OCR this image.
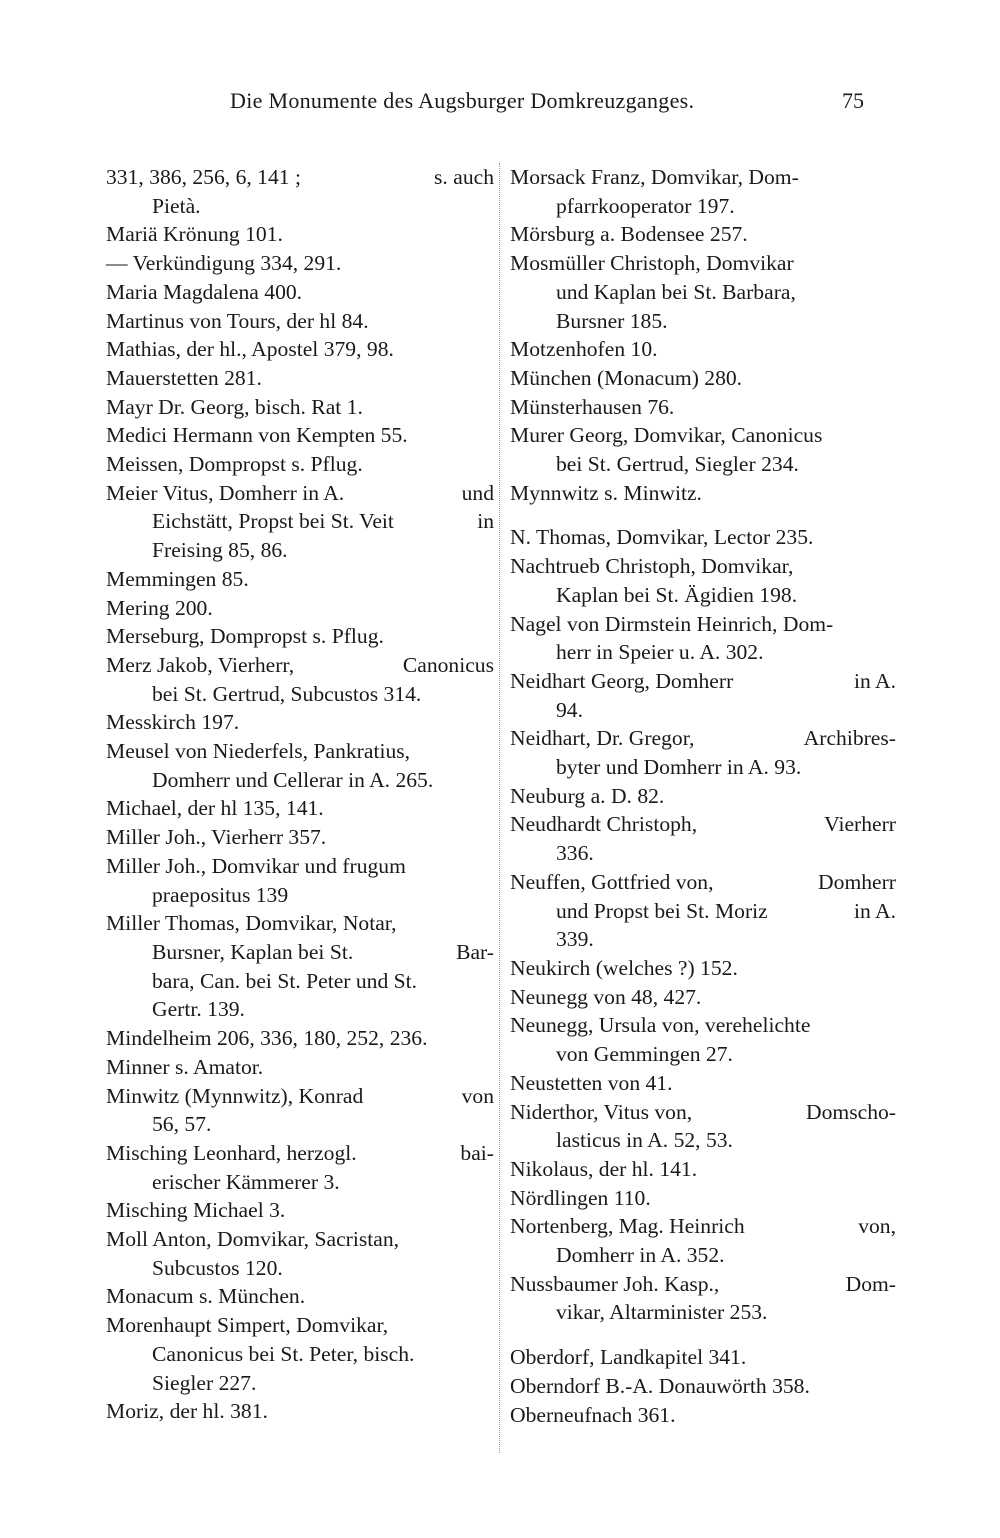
Die Monumente des Augsburger Domkreuzganges.	75
331, 386, 256, 6, 141 ;	s. auch
Pietà.
Mariä Krönung 101.
— Verkündigung 334, 291.
Maria Magdalena 400.
Martinus von Tours, der hl 84.
Mathias, der hl., Apostel 379, 98.
Mauerstetten 281.
Mayr Dr. Georg, bisch. Rat 1.
Medici Hermann von Kempten 55.
Meissen, Dompropst s. Pflug.
Meier Vitus, Domherr in A.	und
Eichstätt, Propst bei St. Veit	in
Freising 85, 86.
Memmingen 85.
Mering 200.
Merseburg, Dompropst s. Pflug.
Merz Jakob, Vierherr,	Canonicus
bei St. Gertrud, Subcustos 314.
Messkirch 197.
Meusel von Niederfels, Pankratius,
Domherr und Cellerar in A. 265.
Michael, der hl 135, 141.
Miller Joh., Vierherr 357.
Miller Joh., Domvikar und frugum
praepositus 139
Miller Thomas, Domvikar, Notar,
Bursner, Kaplan bei St.	Bar-
bara, Can. bei St. Peter und St.
Gertr. 139.
Mindelheim 206, 336, 180, 252, 236.
Minner s. Amator.
Minwitz (Mynnwitz), Konrad	von
56, 57.
Misching Leonhard, herzogl.	bai-
erischer Kämmerer 3.
Misching Michael 3.
Moll Anton, Domvikar, Sacristan,
Subcustos 120.
Monacum s. München.
Morenhaupt Simpert, Domvikar,
Canonicus bei St. Peter, bisch.
Siegler 227.
Moriz, der hl. 381.
Morsack Franz, Domvikar, Dom-
pfarrkooperator 197.
Mörsburg a. Bodensee 257.
Mosmüller Christoph, Domvikar
und Kaplan bei St. Barbara,
Bursner 185.
Motzenhofen 10.
München (Monacum) 280.
Münsterhausen 76.
Murer Georg, Domvikar, Canonicus
bei St. Gertrud, Siegler 234.
Mynnwitz s. Minwitz.
N. Thomas, Domvikar, Lector 235.
Nachtrueb Christoph, Domvikar,
Kaplan bei St. Ägidien 198.
Nagel von Dirmstein Heinrich, Dom-
herr in Speier u. A. 302.
Neidhart Georg, Domherr	in A.
94.
Neidhart, Dr. Gregor,	Archibres-
byter und Domherr in A. 93.
Neuburg a. D. 82.
Neudhardt Christoph,	Vierherr
336.
Neuffen, Gottfried von,	Domherr
und Propst bei St. Moriz	in A.
339.
Neukirch (welches ?) 152.
Neunegg von 48, 427.
Neunegg, Ursula von, verehelichte
von Gemmingen 27.
Neustetten von 41.
Niderthor, Vitus von,	Domscho-
lasticus in A. 52, 53.
Nikolaus, der hl. 141.
Nördlingen 110.
Nortenberg, Mag. Heinrich	von,
Domherr in A. 352.
Nussbaumer Joh. Kasp.,	Dom-
vikar, Altarminister 253.
Oberdorf, Landkapitel 341.
Oberndorf B.-A. Donauwörth 358.
Oberneufnach 361.
